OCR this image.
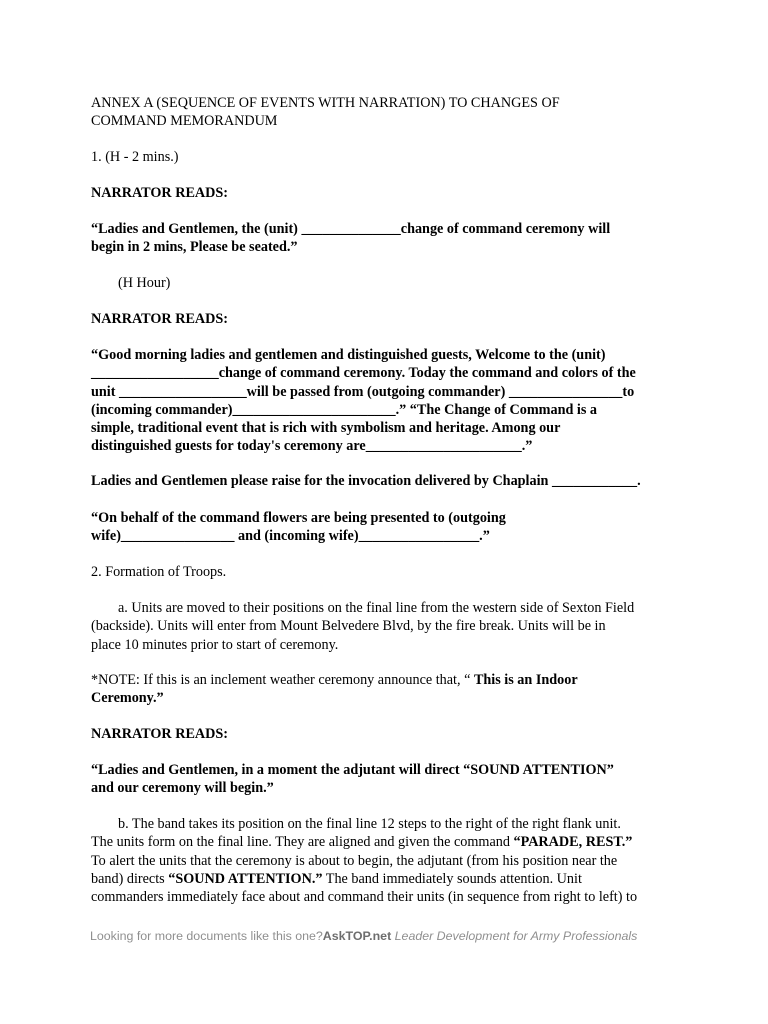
ANNEX A (SEQUENCE OF EVENTS WITH NARRATION) TO CHANGES OF
COMMAND MEMORANDUM
1. (H - 2 mins.)
NARRATOR READS:
“Ladies and Gentlemen, the (unit) ______________change of command ceremony will
begin in 2 mins, Please be seated.”
(H Hour)
NARRATOR READS:
“Good morning ladies and gentlemen and distinguished guests, Welcome to the (unit)
__________________change of command ceremony. Today the command and colors of the
unit __________________will be passed from (outgoing commander) ________________to
(incoming commander)_______________________.” “The Change of Command is a
simple, traditional event that is rich with symbolism and heritage. Among our
distinguished guests for today's ceremony are______________________.”
Ladies and Gentlemen please raise for the invocation delivered by Chaplain ____________.
“On behalf of the command flowers are being presented to (outgoing
wife)________________ and (incoming wife)_________________.”
2. Formation of Troops.
a. Units are moved to their positions on the final line from the western side of Sexton Field
(backside). Units will enter from Mount Belvedere Blvd, by the fire break. Units will be in
place 10 minutes prior to start of ceremony.
*NOTE: If this is an inclement weather ceremony announce that, “ This is an Indoor
Ceremony.”
NARRATOR READS:
“Ladies and Gentlemen, in a moment the adjutant will direct “SOUND ATTENTION”
and our ceremony will begin.”
b. The band takes its position on the final line 12 steps to the right of the right flank unit.
The units form on the final line. They are aligned and given the command “PARADE, REST.”
To alert the units that the ceremony is about to begin, the adjutant (from his position near the
band) directs “SOUND ATTENTION.” The band immediately sounds attention. Unit
commanders immediately face about and command their units (in sequence from right to left) to
Looking for more documents like this one?AskTOP.net Leader Development for Army Professionals
